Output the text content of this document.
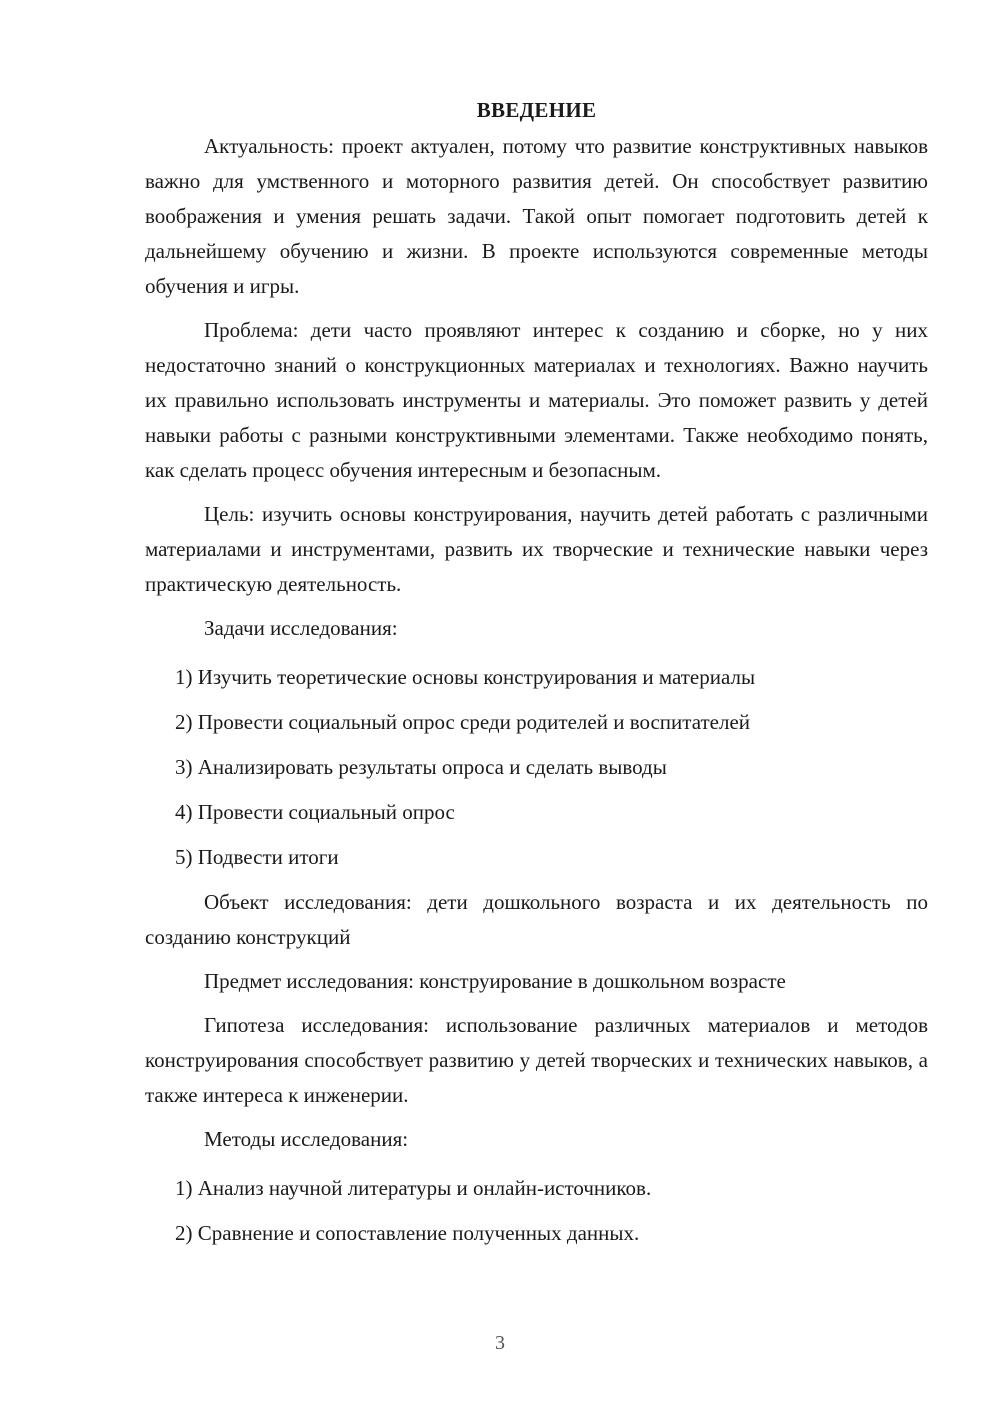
ВВЕДЕНИЕ

Актуальность: проект актуален, потому что развитие конструктивных навыков важно для умственного и моторного развития детей. Он способствует развитию воображения и умения решать задачи. Такой опыт помогает подготовить детей к дальнейшему обучению и жизни. В проекте используются современные методы обучения и игры.

Проблема: дети часто проявляют интерес к созданию и сборке, но у них недостаточно знаний о конструкционных материалах и технологиях. Важно научить их правильно использовать инструменты и материалы. Это поможет развить у детей навыки работы с разными конструктивными элементами. Также необходимо понять, как сделать процесс обучения интересным и безопасным.

Цель: изучить основы конструирования, научить детей работать с различными материалами и инструментами, развить их творческие и технические навыки через практическую деятельность.

Задачи исследования:

1) Изучить теоретические основы конструирования и материалы
2) Провести социальный опрос среди родителей и воспитателей
3) Анализировать результаты опроса и сделать выводы
4) Провести социальный опрос
5) Подвести итоги

Объект исследования: дети дошкольного возраста и их деятельность по созданию конструкций

Предмет исследования: конструирование в дошкольном возрасте

Гипотеза исследования: использование различных материалов и методов конструирования способствует развитию у детей творческих и технических навыков, а также интереса к инженерии.

Методы исследования:

1) Анализ научной литературы и онлайн-источников.
2) Сравнение и сопоставление полученных данных.
3
